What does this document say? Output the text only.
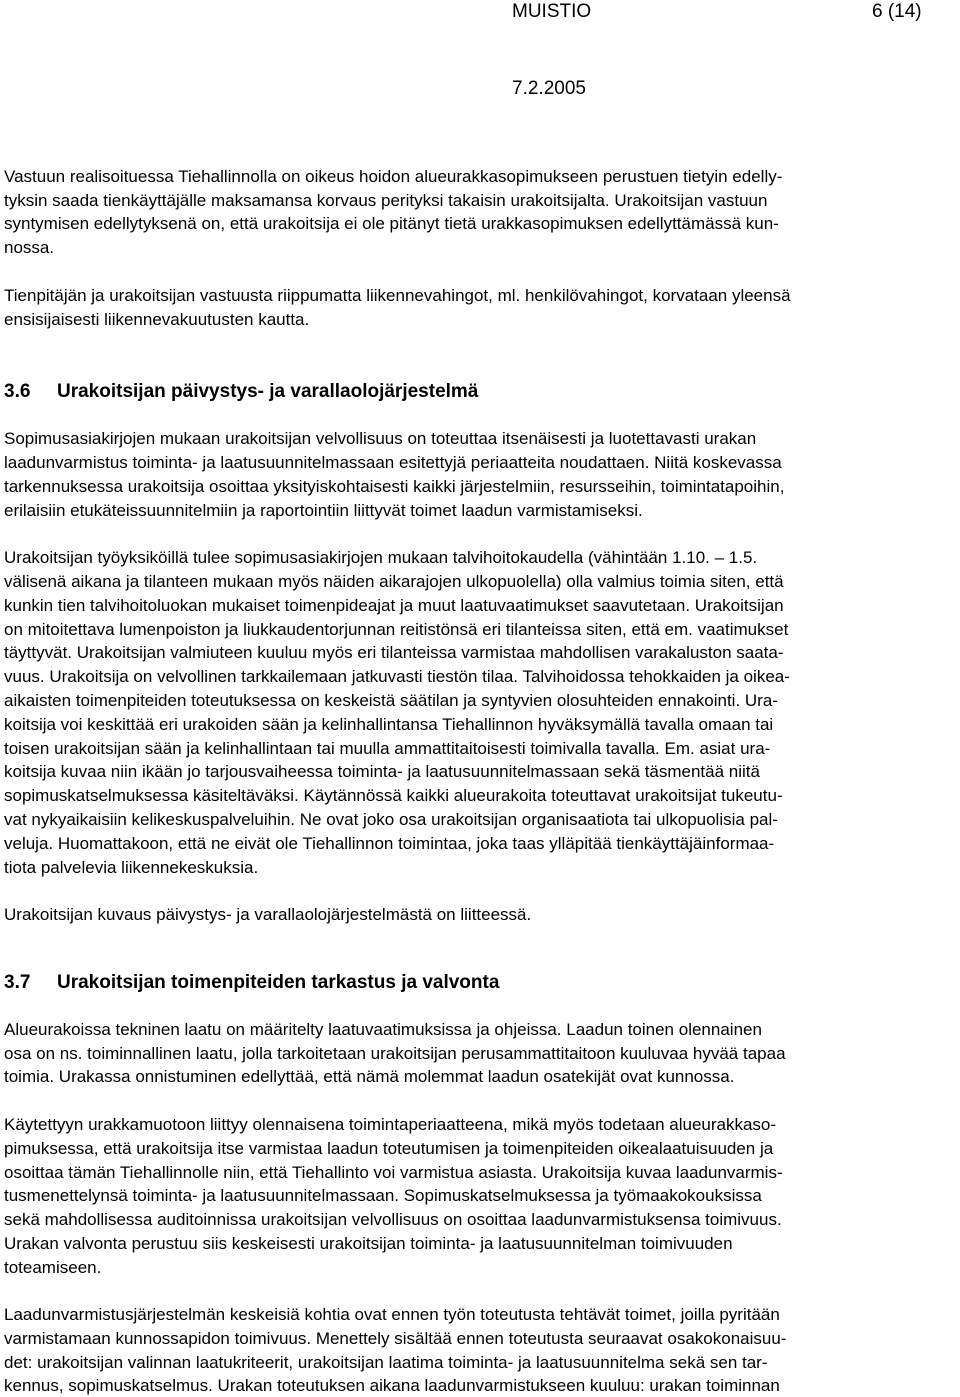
MUISTIO	6 (14)
7.2.2005
Vastuun realisoituessa Tiehallinnolla on oikeus hoidon alueurakkasopimukseen perustuen tietyin edelly-
tyksin saada tienkäyttäjälle maksamansa korvaus perityksi takaisin urakoitsijalta. Urakoitsijan vastuun
syntymisen edellytyksenä on, että urakoitsija ei ole pitänyt tietä urakkasopimuksen edellyttämässä kun-
nossa.
Tienpitäjän ja urakoitsijan vastuusta riippumatta liikennevahingot, ml. henkilövahingot, korvataan yleensä
ensisijaisesti liikennevakuutusten kautta.
3.6 Urakoitsijan päivystys- ja varallaolojärjestelmä
Sopimusasiakirjojen mukaan urakoitsijan velvollisuus on toteuttaa itsenäisesti ja luotettavasti urakan
laadunvarmistus toiminta- ja laatusuunnitelmassaan esitettyjä periaatteita noudattaen. Niitä koskevassa
tarkennuksessa urakoitsija osoittaa yksityiskohtaisesti kaikki järjestelmiin, resursseihin, toimintatapoihin,
erilaisiin etukäteissuunnitelmiin ja raportointiin liittyvät toimet laadun varmistamiseksi.
Urakoitsijan työyksiköillä tulee sopimusasiakirjojen mukaan talvihoitokaudella (vähintään 1.10. – 1.5.
välisenä aikana ja tilanteen mukaan myös näiden aikarajojen ulkopuolella) olla valmius toimia siten, että
kunkin tien talvihoitoluokan mukaiset toimenpideajat ja muut laatuvaatimukset saavutetaan. Urakoitsijan
on mitoitettava lumenpoiston ja liukkaudentorjunnan reitistönsä eri tilanteissa siten, että em. vaatimukset
täyttyvät. Urakoitsijan valmiuteen kuuluu myös eri tilanteissa varmistaa mahdollisen varakaluston saata-
vuus. Urakoitsija on velvollinen tarkkailemaan jatkuvasti tiestön tilaa. Talvihoidossa tehokkaiden ja oikea-
aikaisten toimenpiteiden toteutuksessa on keskeistä säätilan ja syntyvien olosuhteiden ennakointi. Ura-
koitsija voi keskittää eri urakoiden sään ja kelinhallintansa Tiehallinnon hyväksymällä tavalla omaan tai
toisen urakoitsijan sään ja kelinhallintaan tai muulla ammattitaitoisesti toimivalla tavalla. Em. asiat ura-
koitsija kuvaa niin ikään jo tarjousvaiheessa toiminta- ja laatusuunnitelmassaan sekä täsmentää niitä
sopimuskatselmuksessa käsiteltäväksi. Käytännössä kaikki alueurakoita toteuttavat urakoitsijat tukeutu-
vat nykyaikaisiin kelikeskuspalveluihin. Ne ovat joko osa urakoitsijan organisaatiota tai ulkopuolisia pal-
veluja. Huomattakoon, että ne eivät ole Tiehallinnon toimintaa, joka taas ylläpitää tienkäyttäjäinformaa-
tiota palvelevia liikennekeskuksia.
Urakoitsijan kuvaus päivystys- ja varallaolojärjestelmästä on liitteessä.
3.7 Urakoitsijan toimenpiteiden tarkastus ja valvonta
Alueurakoissa tekninen laatu on määritelty laatuvaatimuksissa ja ohjeissa. Laadun toinen olennainen
osa on ns. toiminnallinen laatu, jolla tarkoitetaan urakoitsijan perusammattitaitoon kuuluvaa hyvää tapaa
toimia. Urakassa onnistuminen edellyttää, että nämä molemmat laadun osatekijät ovat kunnossa.
Käytettyyn urakkamuotoon liittyy olennaisena toimintaperiaatteena, mikä myös todetaan alueurakkaso-
pimuksessa, että urakoitsija itse varmistaa laadun toteutumisen ja toimenpiteiden oikealaatuisuuden ja
osoittaa tämän Tiehallinnolle niin, että Tiehallinto voi varmistua asiasta. Urakoitsija kuvaa laadunvarmis-
tusmenettelynsä toiminta- ja laatusuunnitelmassaan. Sopimuskatselmuksessa ja työmaakokouksissa
sekä mahdollisessa auditoinnissa urakoitsijan velvollisuus on osoittaa laadunvarmistuksensa toimivuus.
Urakan valvonta perustuu siis keskeisesti urakoitsijan toiminta- ja laatusuunnitelman toimivuuden
toteamiseen.
Laadunvarmistusjärjestelmän keskeisiä kohtia ovat ennen työn toteutusta tehtävät toimet, joilla pyritään
varmistamaan kunnossapidon toimivuus. Menettely sisältää ennen toteutusta seuraavat osakokonaisuu-
det: urakoitsijan valinnan laatukriteerit, urakoitsijan laatima toiminta- ja laatusuunnitelma sekä sen tar-
kennus, sopimuskatselmus. Urakan toteutuksen aikana laadunvarmistukseen kuuluu: urakan toiminnan
